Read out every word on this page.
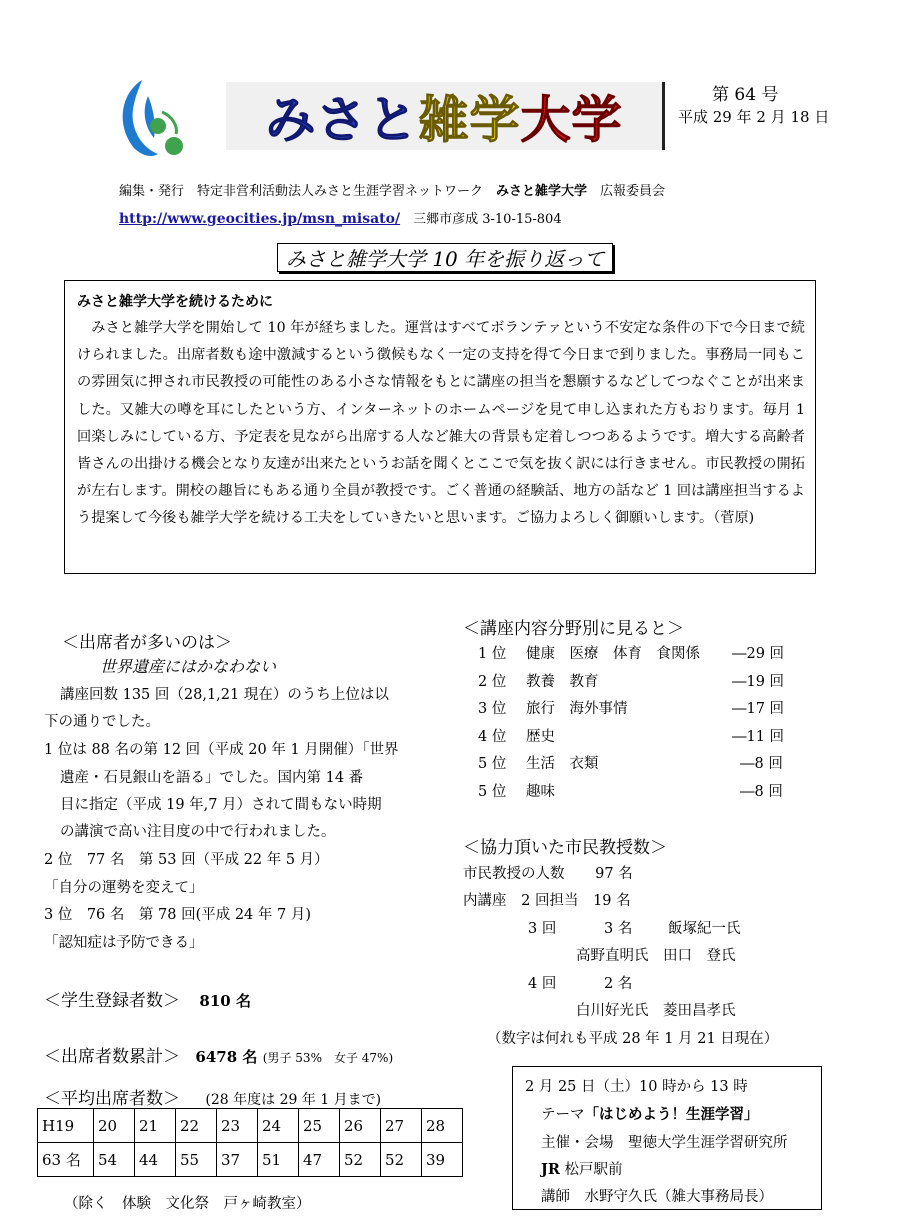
みさと 雑学 大学	第 64 号
平成 29 年 2 月 18 日
編集・発行　特定非営利活動法人みさと生涯学習ネットワーク　みさと雑学大学　広報委員会
http://www.geocities.jp/msn_misato/　 三郷市彦成 3-10-15-804
みさと雑学大学 10 年を振り返って
みさと雑学大学を続けるために
みさと雑学大学を開始して 10 年が経ちました。運営はすべてボランテァという不安定な条件の下で今日まで続けられました。出席者数も途中激減するという徴候もなく一定の支持を得て今日まで到りました。事務局一同もこの雰囲気に押され市民教授の可能性のある小さな情報をもとに講座の担当を懇願するなどしてつなぐことが出来ました。又雑大の噂を耳にしたという方、インターネットのホームページを見て申し込まれた方もおります。毎月 1 回楽しみにしている方、予定表を見ながら出席する人など雑大の背景も定着しつつあるようです。増大する高齢者皆さんの出掛ける機会となり友達が出来たというお話を聞くとここで気を抜く訳には行きません。市民教授の開拓が左右します。開校の趣旨にもある通り全員が教授です。ごく普通の経験話、地方の話など 1 回は講座担当するよう提案して今後も雑学大学を続ける工夫をしていきたいと思います。ご協力よろしく御願いします。（菅原)
＜出席者が多いのは＞
世界遺産にはかなわない
講座回数 135 回（28,1,21 現在）のうち上位は以
下の通りでした。
1 位は 88 名の第 12 回（平成 20 年 1 月開催）「世界
遺産・石見銀山を語る」でした。国内第 14 番
目に指定（平成 19 年,7 月）されて間もない時期
の講演で高い注目度の中で行われました。
2 位　77 名　第 53 回（平成 22 年 5 月）
「自分の運勢を変えて」
3 位　76 名　第 78 回(平成 24 年 7 月)
「認知症は予防できる」
＜学生登録者数＞ 810 名
＜出席者数累計＞ 6478 名 (男子 53%　女子 47%)
＜平均出席者数＞ (28 年度は 29 年 1 月まで)
H19	20	21	22	23	24	25	26	27	28
63 名	54	44	55	37	51	47	52	52	39
（除く　体験　文化祭　戸ヶ崎教室）
＜講座内容分野別に見ると＞
1 位 健康　医療　体育　食関係 ―29 回
2 位 教養　教育	―19 回
3 位 旅行　海外事情	―17 回
4 位 歴史	―11 回
5 位 生活　衣類	―8 回
5 位 趣味	―8 回
＜協力頂いた市民教授数＞
市民教授の人数 97 名
内講座 2 回担当 19 名
3 回	3 名 飯塚紀一氏
高野直明氏　田口　登氏
4 回	2 名
白川好光氏　菱田昌孝氏
（数字は何れも平成 28 年 1 月 21 日現在）
2 月 25 日（土）10 時から 13 時
テーマ「はじめよう！生涯学習」
主催・会場　聖徳大学生涯学習研究所
JR 松戸駅前
講師　水野守久氏（雑大事務局長）
